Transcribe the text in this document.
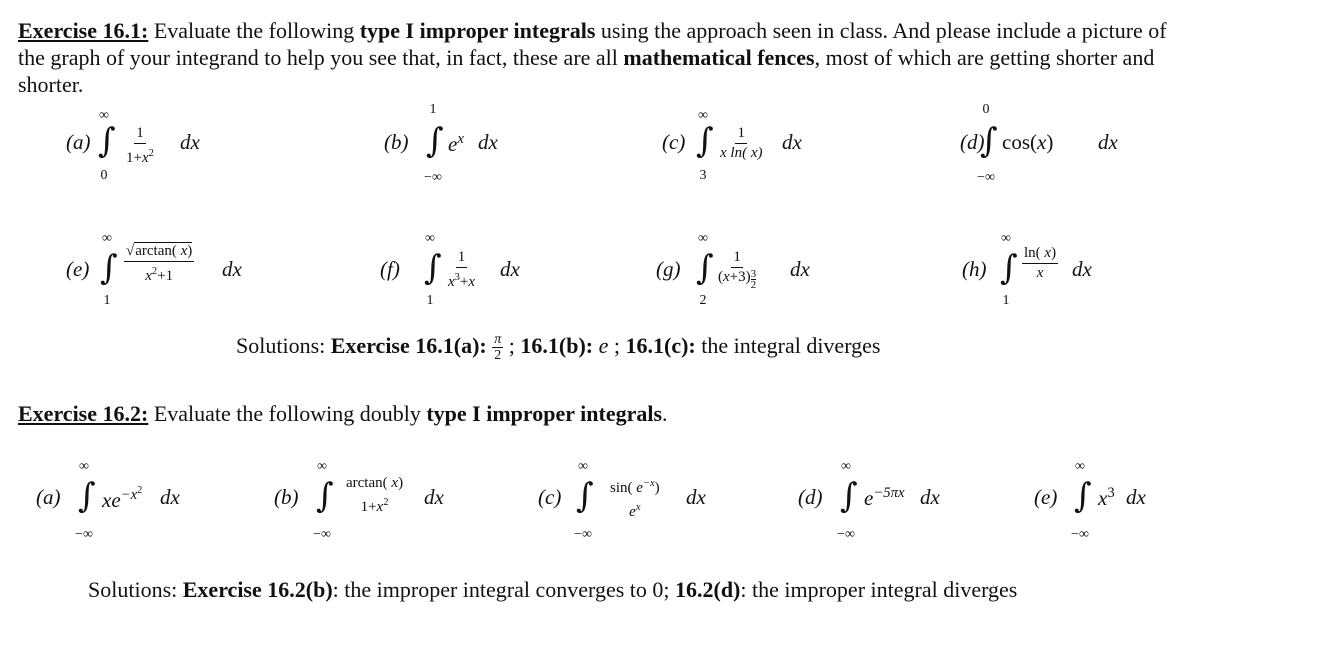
Exercise 16.1: Evaluate the following type I improper integrals using the approach seen in class. And please include a picture of the graph of your integrand to help you see that, in fact, these are all mathematical fences, most of which are getting shorter and shorter.
(a)
∞
∫
0
$\frac{1}{1+x^2}$ dx	(b)
1
∫
−∞
$e^x$ dx	(c)
∞
∫
3
$\frac{1}{\text{x ln( x)}}$ dx	(d)
0
∫
−∞
cos(x) dx
(e)
∞
∫
1
$\frac{√\arctan( x)}{x^2+1}$ dx	(f)
∞
∫
1
$\frac{1}{x^3+x}$ dx	(g)
∞
∫
2
1
(x+3) $^{\frac{3}{2}}$ dx	(h)
∞
∫
1
$\frac{\ln( x)}{x}$ dx
Solutions: Exercise 16.1(a): $\frac{\pi}{2}$ ; 16.1(b): e ; 16.1(c): the integral diverges
Exercise 16.2: Evaluate the following doubly type I improper integrals.
(a)
∞
∫
−∞
$xe^{-x^2}$ dx	(b)
∞
∫
−∞
arctan( x)
$1+x^2$ dx	(c)
∞
∫
−∞
sin( $e^{-x}$)
$e^x$ dx	(d)
∞
∫
−∞
$e^{-5\pi x}$ dx	(e)
∞
∫
−∞
$x^3$ dx
Solutions: Exercise 16.2(b): the improper integral converges to 0; 16.2(d): the improper integral diverges
